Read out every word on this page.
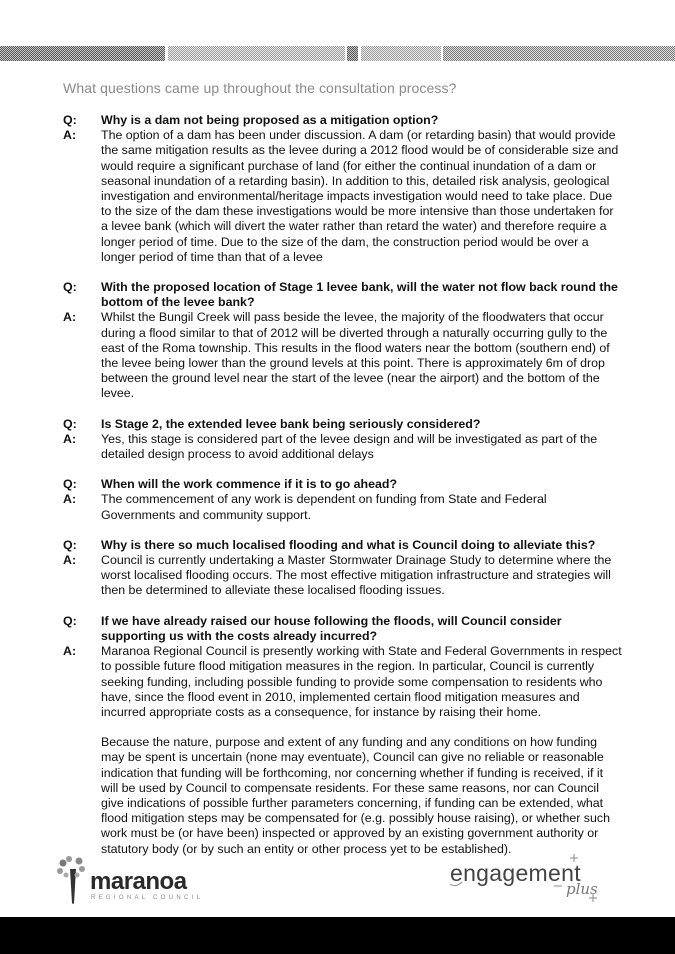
What questions came up throughout the consultation process?
Q:	Why is a dam not being proposed as a mitigation option?
A:	The option of a dam has been under discussion. A dam (or retarding basin) that would provide the same mitigation results as the levee during a 2012 flood would be of considerable size and would require a significant purchase of land (for either the continual inundation of a dam or seasonal inundation of a retarding basin). In addition to this, detailed risk analysis, geological investigation and environmental/heritage impacts investigation would need to take place. Due to the size of the dam these investigations would be more intensive than those undertaken for a levee bank (which will divert the water rather than retard the water) and therefore require a longer period of time. Due to the size of the dam, the construction period would be over a longer period of time than that of a levee

Q:	With the proposed location of Stage 1 levee bank, will the water not flow back round the bottom of the levee bank?
A:	Whilst the Bungil Creek will pass beside the levee, the majority of the floodwaters that occur during a flood similar to that of 2012 will be diverted through a naturally occurring gully to the east of the Roma township. This results in the flood waters near the bottom (southern end) of the levee being lower than the ground levels at this point. There is approximately 6m of drop between the ground level near the start of the levee (near the airport) and the bottom of the levee.

Q:	Is Stage 2, the extended levee bank being seriously considered?
A:	Yes, this stage is considered part of the levee design and will be investigated as part of the detailed design process to avoid additional delays

Q:	When will the work commence if it is to go ahead?
A:	The commencement of any work is dependent on funding from State and Federal Governments and community support.

Q:	Why is there so much localised flooding and what is Council doing to alleviate this?
A:	Council is currently undertaking a Master Stormwater Drainage Study to determine where the worst localised flooding occurs. The most effective mitigation infrastructure and strategies will then be determined to alleviate these localised flooding issues.

Q:	If we have already raised our house following the floods, will Council consider supporting us with the costs already incurred?
A:	Maranoa Regional Council is presently working with State and Federal Governments in respect to possible future flood mitigation measures in the region. In particular, Council is currently seeking funding, including possible funding to provide some compensation to residents who have, since the flood event in 2010, implemented certain flood mitigation measures and incurred appropriate costs as a consequence, for instance by raising their home.

Because the nature, purpose and extent of any funding and any conditions on how funding may be spent is uncertain (none may eventuate), Council can give no reliable or reasonable indication that funding will be forthcoming, nor concerning whether if funding is received, if it will be used by Council to compensate residents. For these same reasons, nor can Council give indications of possible further parameters concerning, if funding can be extended, what flood mitigation steps may be compensated for (e.g. possibly house raising), or whether such work must be (or have been) inspected or approved by an existing government authority or statutory body (or by such an entity or other process yet to be established).

maranoa
REGIONAL COUNCIL
engagement
plus
